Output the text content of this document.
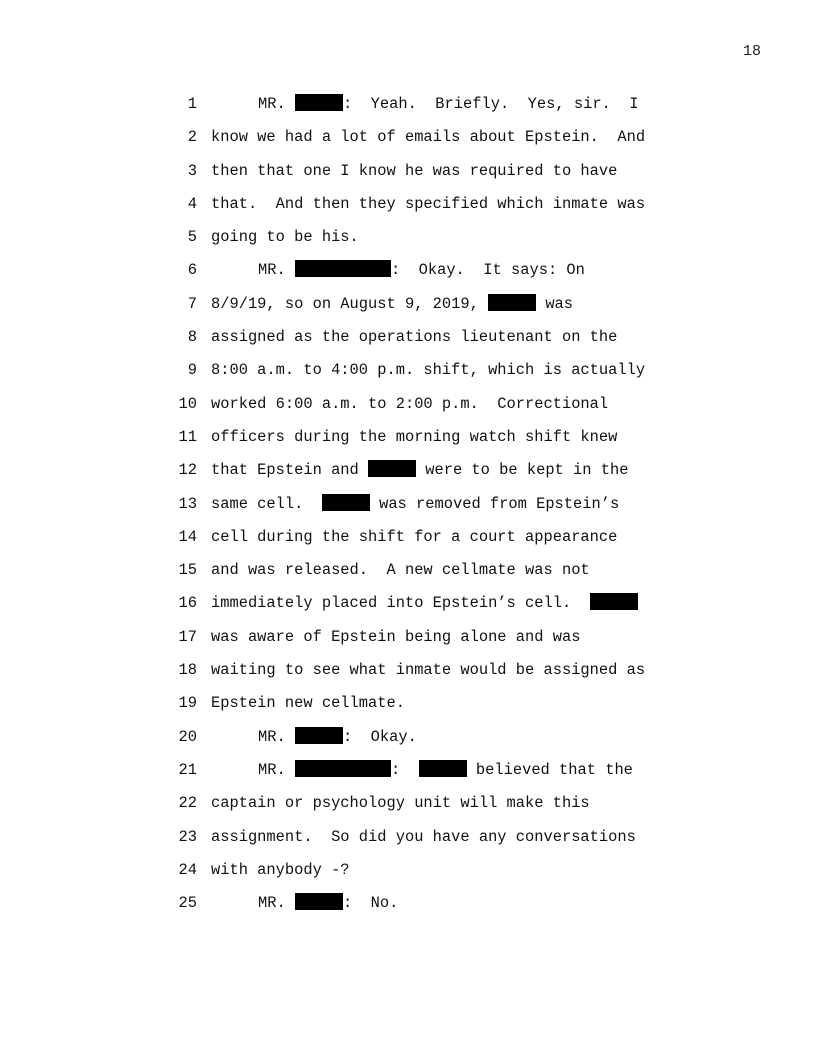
18
1	MR.	:  Yeah.  Briefly.  Yes, sir.  I
2 know we had a lot of emails about Epstein.  And
3 then that one I know he was required to have
4 that.  And then they specified which inmate was
5 going to be his.
6	MR.	:  Okay.  It says: On
7 8/9/19, so on August 9, 2019,	was
8 assigned as the operations lieutenant on the
9 8:00 a.m. to 4:00 p.m. shift, which is actually
10 worked 6:00 a.m. to 2:00 p.m.  Correctional
11 officers during the morning watch shift knew
12 that Epstein and	were to be kept in the
13 same cell.	was removed from Epstein’s
14 cell during the shift for a court appearance
15 and was released.  A new cellmate was not
16 immediately placed into Epstein’s cell.
17 was aware of Epstein being alone and was
18 waiting to see what inmate would be assigned as
19 Epstein new cellmate.
20	MR.	:  Okay.
21	MR.	:	believed that the
22 captain or psychology unit will make this
23 assignment.  So did you have any conversations
24 with anybody -?
25	MR.	:  No.
